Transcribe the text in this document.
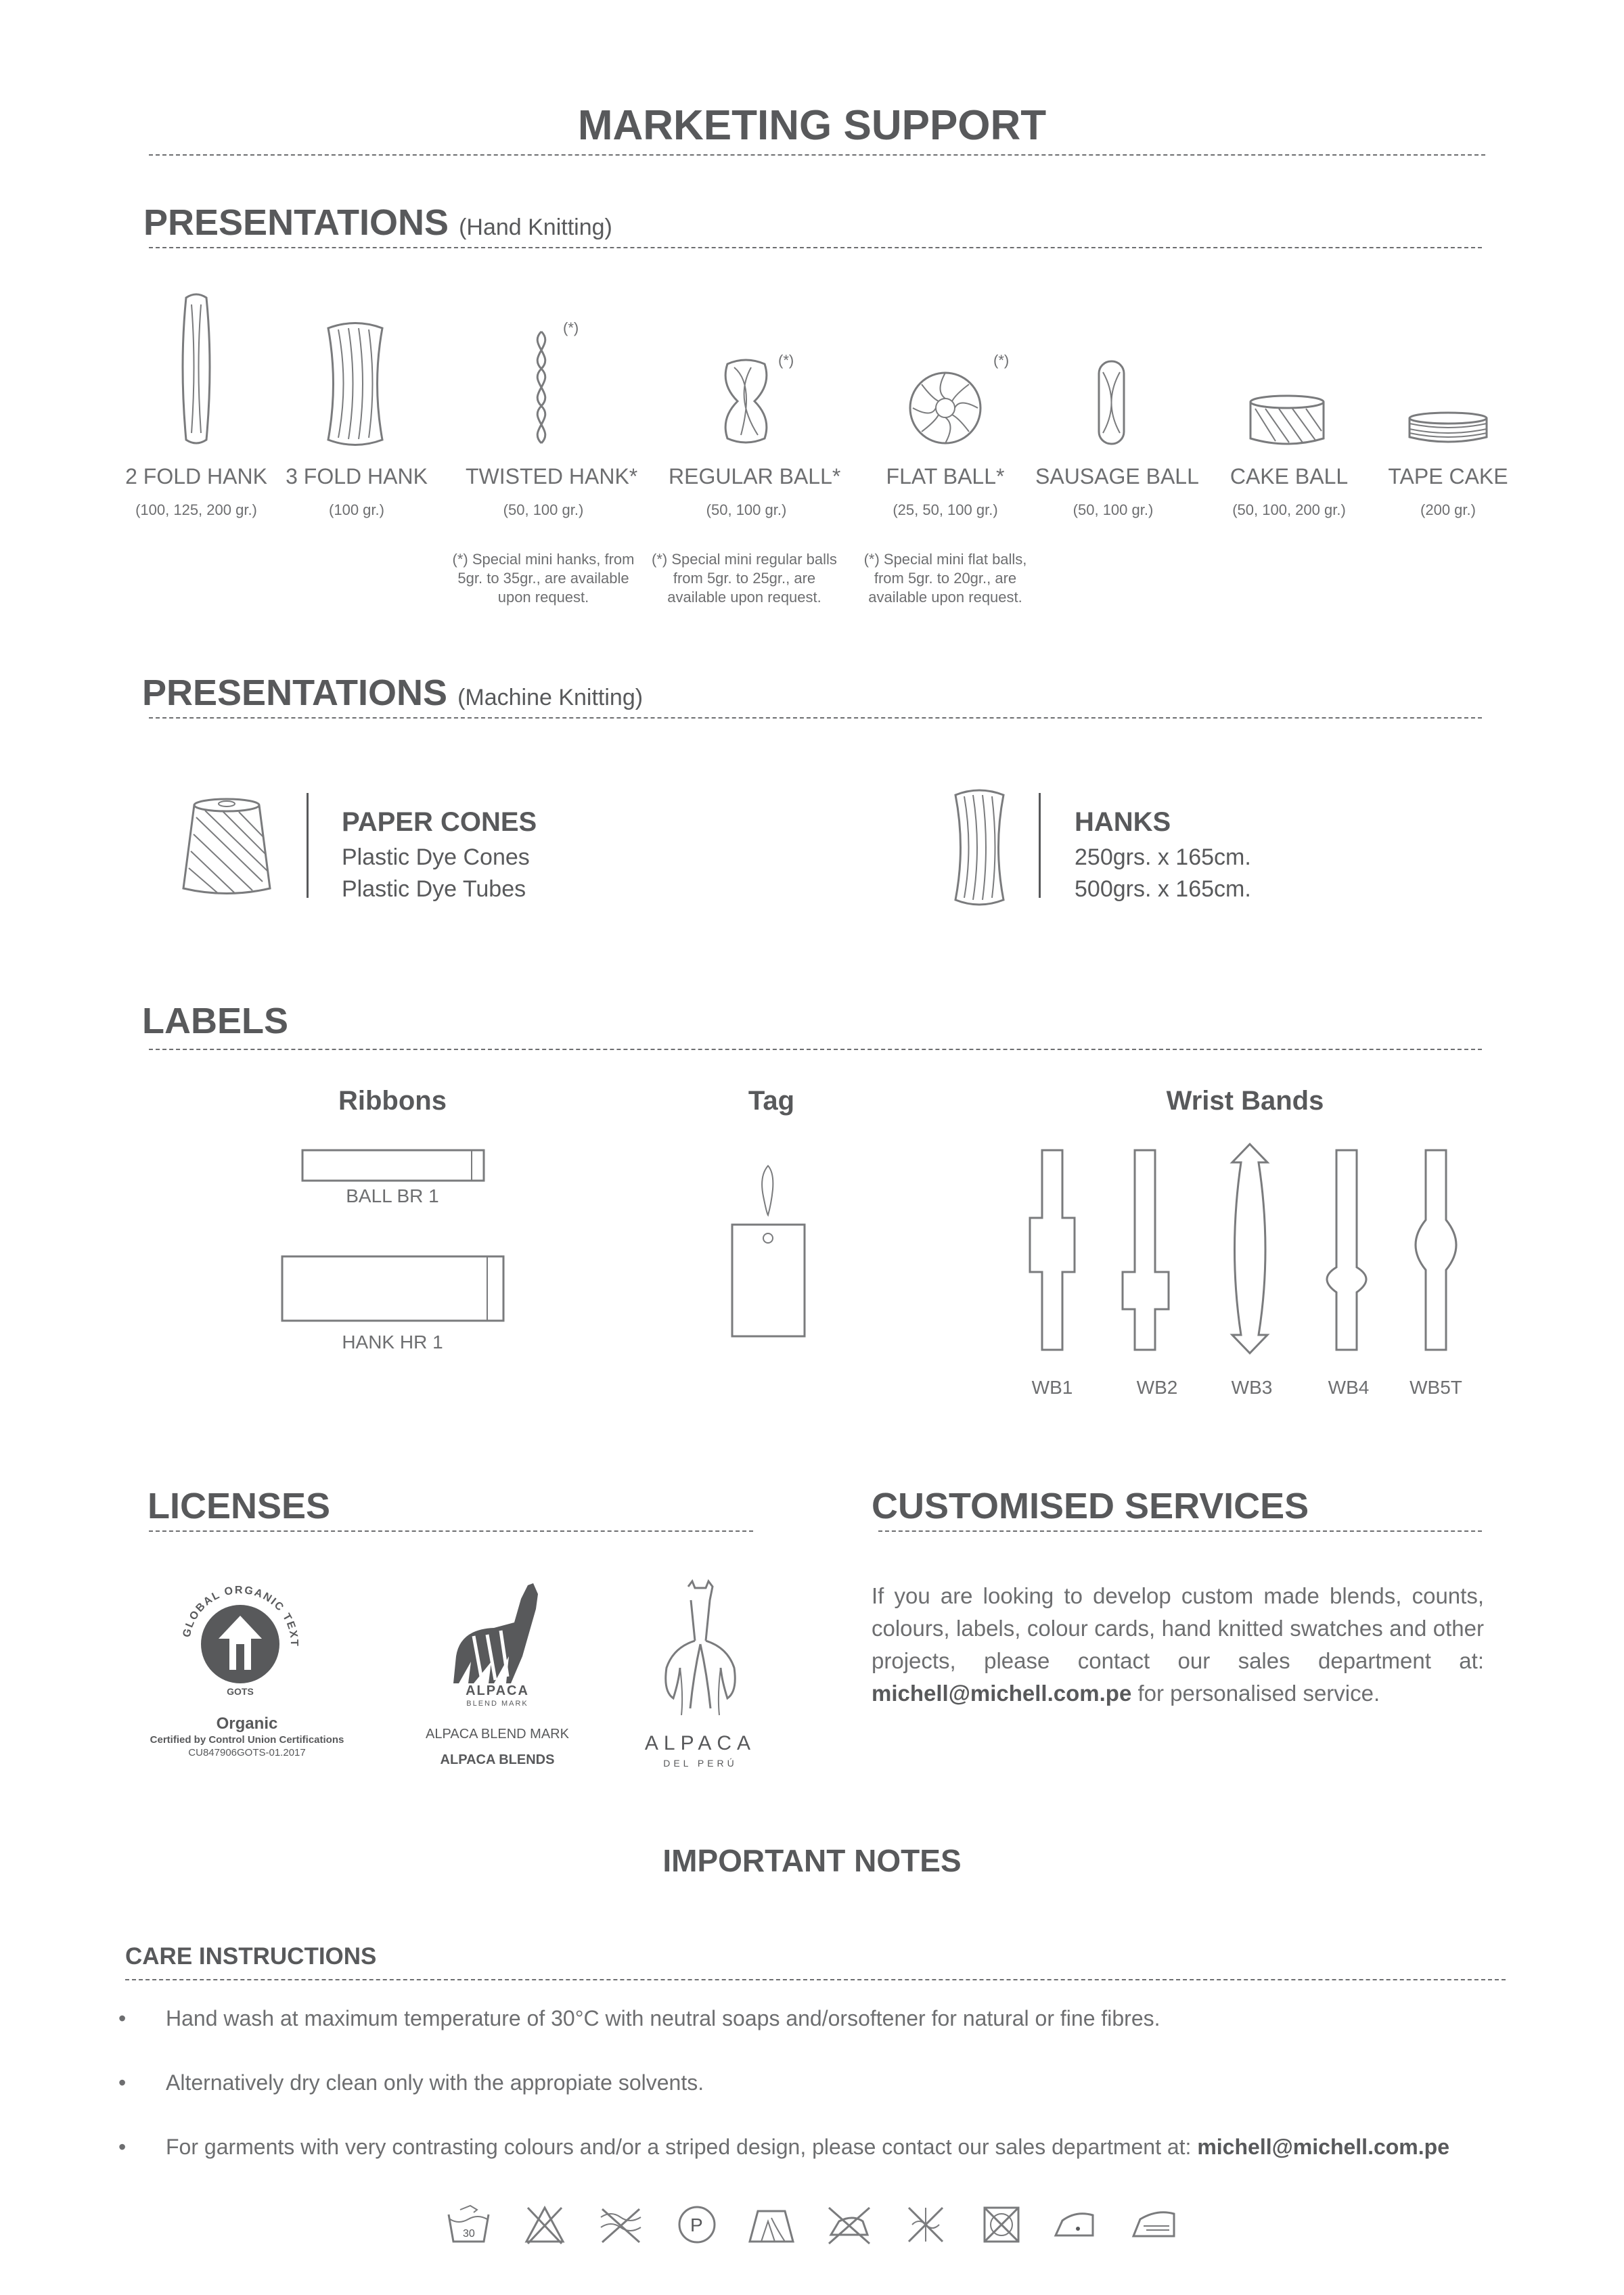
MARKETING SUPPORT
PRESENTATIONS (Hand Knitting)
(*)
(*)	(*)
2 FOLD HANK
(100, 125, 200 gr.)
3 FOLD HANK
(100 gr.)
TWISTED HANK*
(50, 100 gr.)
REGULAR BALL*
(50, 100 gr.)
FLAT BALL*
(25, 50, 100 gr.)
SAUSAGE BALL
(50, 100 gr.)
CAKE BALL
(50, 100, 200 gr.)
TAPE CAKE
(200 gr.)
(*) Special mini hanks, from 5gr. to 35gr., are available upon request.
(*) Special mini regular balls from 5gr. to 25gr., are available upon request.
(*) Special mini flat balls, from 5gr. to 20gr., are available upon request.
PRESENTATIONS (Machine Knitting)
PAPER CONES
Plastic Dye Cones
Plastic Dye Tubes
HANKS
250grs. x 165cm.
500grs. x 165cm.
LABELS
Ribbons	Tag	Wrist Bands
BALL BR 1
HANK HR 1
WB1	WB2	WB3	WB4	WB5T
LICENSES
GLOBAL ORGANIC TEXTILE STANDARD
GOTS
Organic
Certified by Control Union Certifications
CU847906GOTS-01.2017
ALPACA
BLEND MARK
ALPACA BLEND MARK
ALPACA BLENDS
ALPACA
DEL PERÚ
CUSTOMISED SERVICES
If you are looking to develop custom made blends, counts, colours, labels, colour cards, hand knitted swatches and other projects, please contact our sales department at: michell@michell.com.pe for personalised service.
IMPORTANT NOTES
CARE INSTRUCTIONS
• Hand wash at maximum temperature of 30°C with neutral soaps and/orsoftener for natural or fine fibres.
• Alternatively dry clean only with the appropiate solvents.
• For garments with very contrasting colours and/or a striped design, please contact our sales department at: michell@michell.com.pe
30	P
